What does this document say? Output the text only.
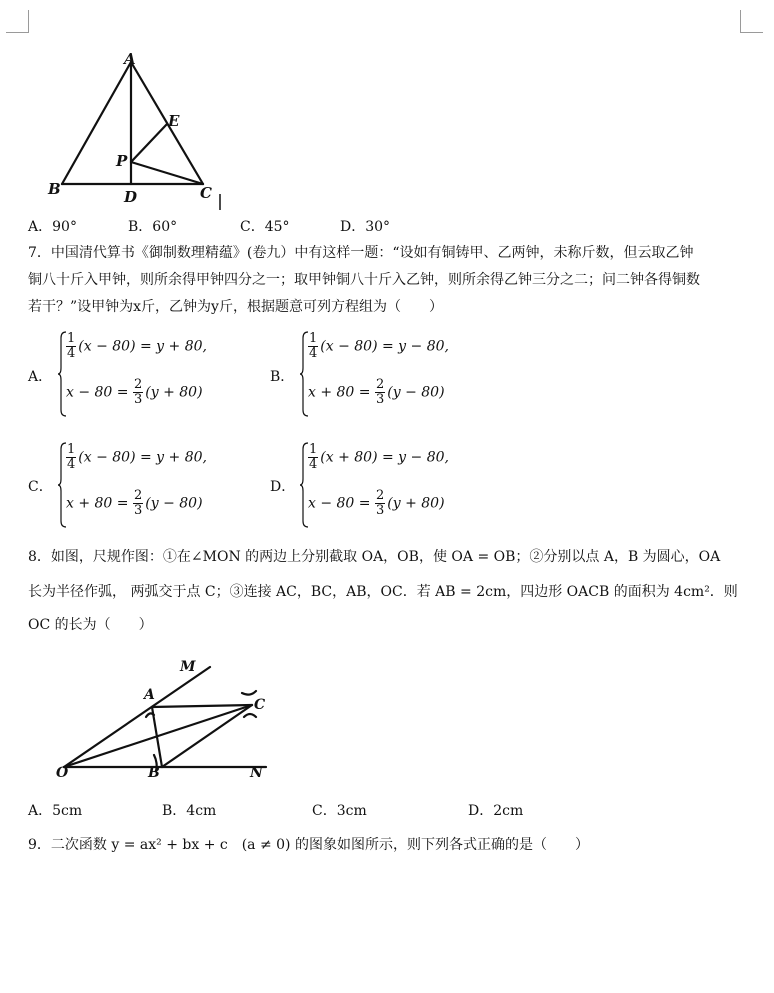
A
E
P
B	D	C
A．90°	B．60°	C．45°	D．30°
7．中国清代算书《御制数理精蕴》(卷九）中有这样一题：“设如有铜铸甲、乙两钟，未称斤数，但云取乙钟
铜八十斤入甲钟，则所余得甲钟四分之一；取甲钟铜八十斤入乙钟，则所余得乙钟三分之二；问二钟各得铜数
若干？”设甲钟为x斤，乙钟为y斤，根据题意可列方程组为（　　）
A．
$\frac{1}{4} (x - 80) = y + 80$,
$x - 80 = \frac{2}{3} (y + 80)$
B．
$\frac{1}{4} (x - 80) = y - 80$,
$x + 80 = \frac{2}{3} (y - 80)$
C．
$\frac{1}{4} (x - 80) = y + 80$,
$x + 80 = \frac{2}{3} (y - 80)$
D．
$\frac{1}{4} (x + 80) = y - 80$,
$x - 80 = \frac{2}{3} (y + 80)$
8．如图，尺规作图：①在∠MON 的两边上分别截取 OA，OB，使 OA = OB；②分别以点 A，B 为圆心，OA
长为半径作弧， 两弧交于点 C；③连接 AC，BC，AB，OC．若 AB = 2cm，四边形 OACB 的面积为 4cm²．则
OC 的长为（　　）
M
A
C
O	B	N
A．5cm	B．4cm	C．3cm	D．2cm
9．二次函数 y = ax² + bx + c　(a ≠ 0) 的图象如图所示，则下列各式正确的是（　　）
